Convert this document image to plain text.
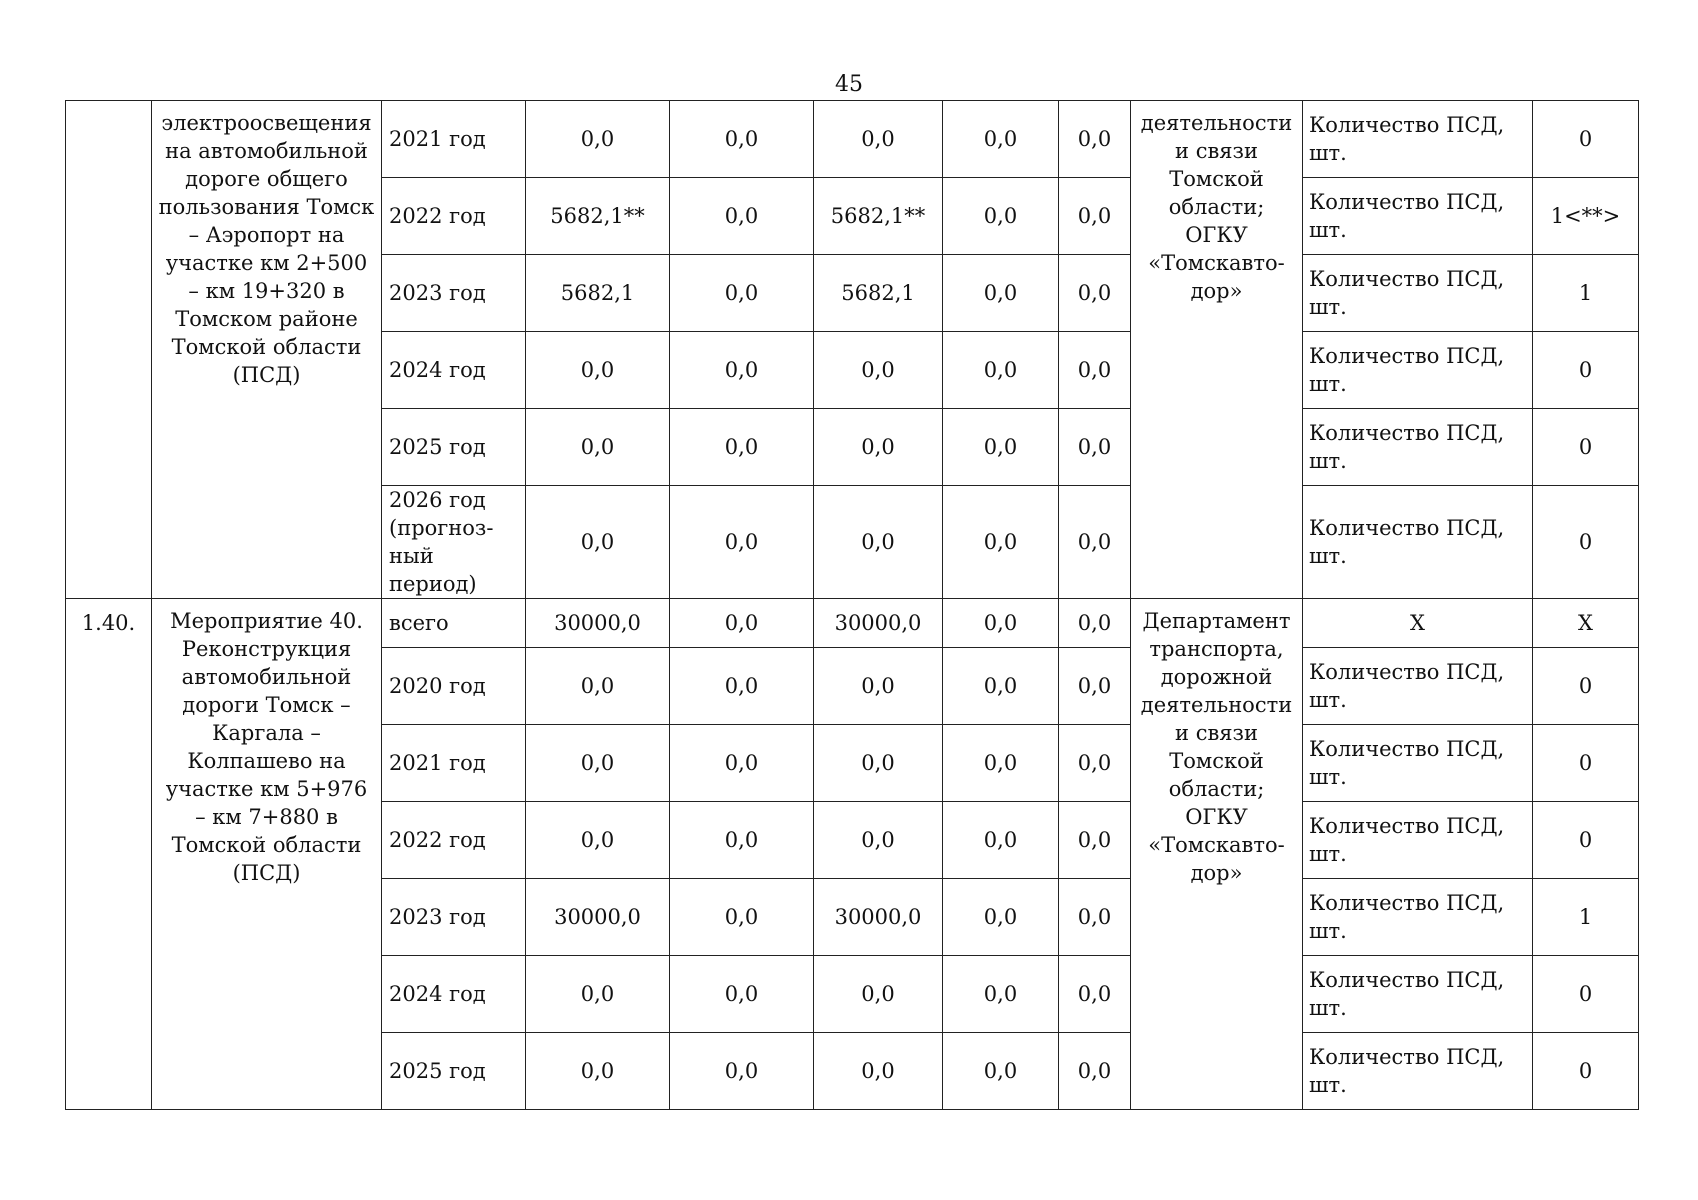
45
	электроосвещения на автомобильной дороге общего пользования Томск – Аэропорт на участке км 2+500 – км 19+320 в Томском районе Томской области (ПСД)	2021 год	0,0	0,0	0,0	0,0	0,0	деятельности и связи Томской области; ОГКУ «Томскавто-дор»	Количество ПСД, шт.	0
		2022 год	5682,1**	0,0	5682,1**	0,0	0,0		Количество ПСД, шт.	1<**>
		2023 год	5682,1	0,0	5682,1	0,0	0,0		Количество ПСД, шт.	1
		2024 год	0,0	0,0	0,0	0,0	0,0		Количество ПСД, шт.	0
		2025 год	0,0	0,0	0,0	0,0	0,0		Количество ПСД, шт.	0
		2026 год (прогноз-ный период)	0,0	0,0	0,0	0,0	0,0		Количество ПСД, шт.	0
1.40.	Мероприятие 40. Реконструкция автомобильной дороги Томск – Каргала – Колпашево на участке км 5+976 – км 7+880 в Томской области (ПСД)	всего	30000,0	0,0	30000,0	0,0	0,0	Департамент транспорта, дорожной деятельности и связи Томской области; ОГКУ «Томскавто-дор»	Х	Х
		2020 год	0,0	0,0	0,0	0,0	0,0		Количество ПСД, шт.	0
		2021 год	0,0	0,0	0,0	0,0	0,0		Количество ПСД, шт.	0
		2022 год	0,0	0,0	0,0	0,0	0,0		Количество ПСД, шт.	0
		2023 год	30000,0	0,0	30000,0	0,0	0,0		Количество ПСД, шт.	1
		2024 год	0,0	0,0	0,0	0,0	0,0		Количество ПСД, шт.	0
		2025 год	0,0	0,0	0,0	0,0	0,0		Количество ПСД, шт.	0
